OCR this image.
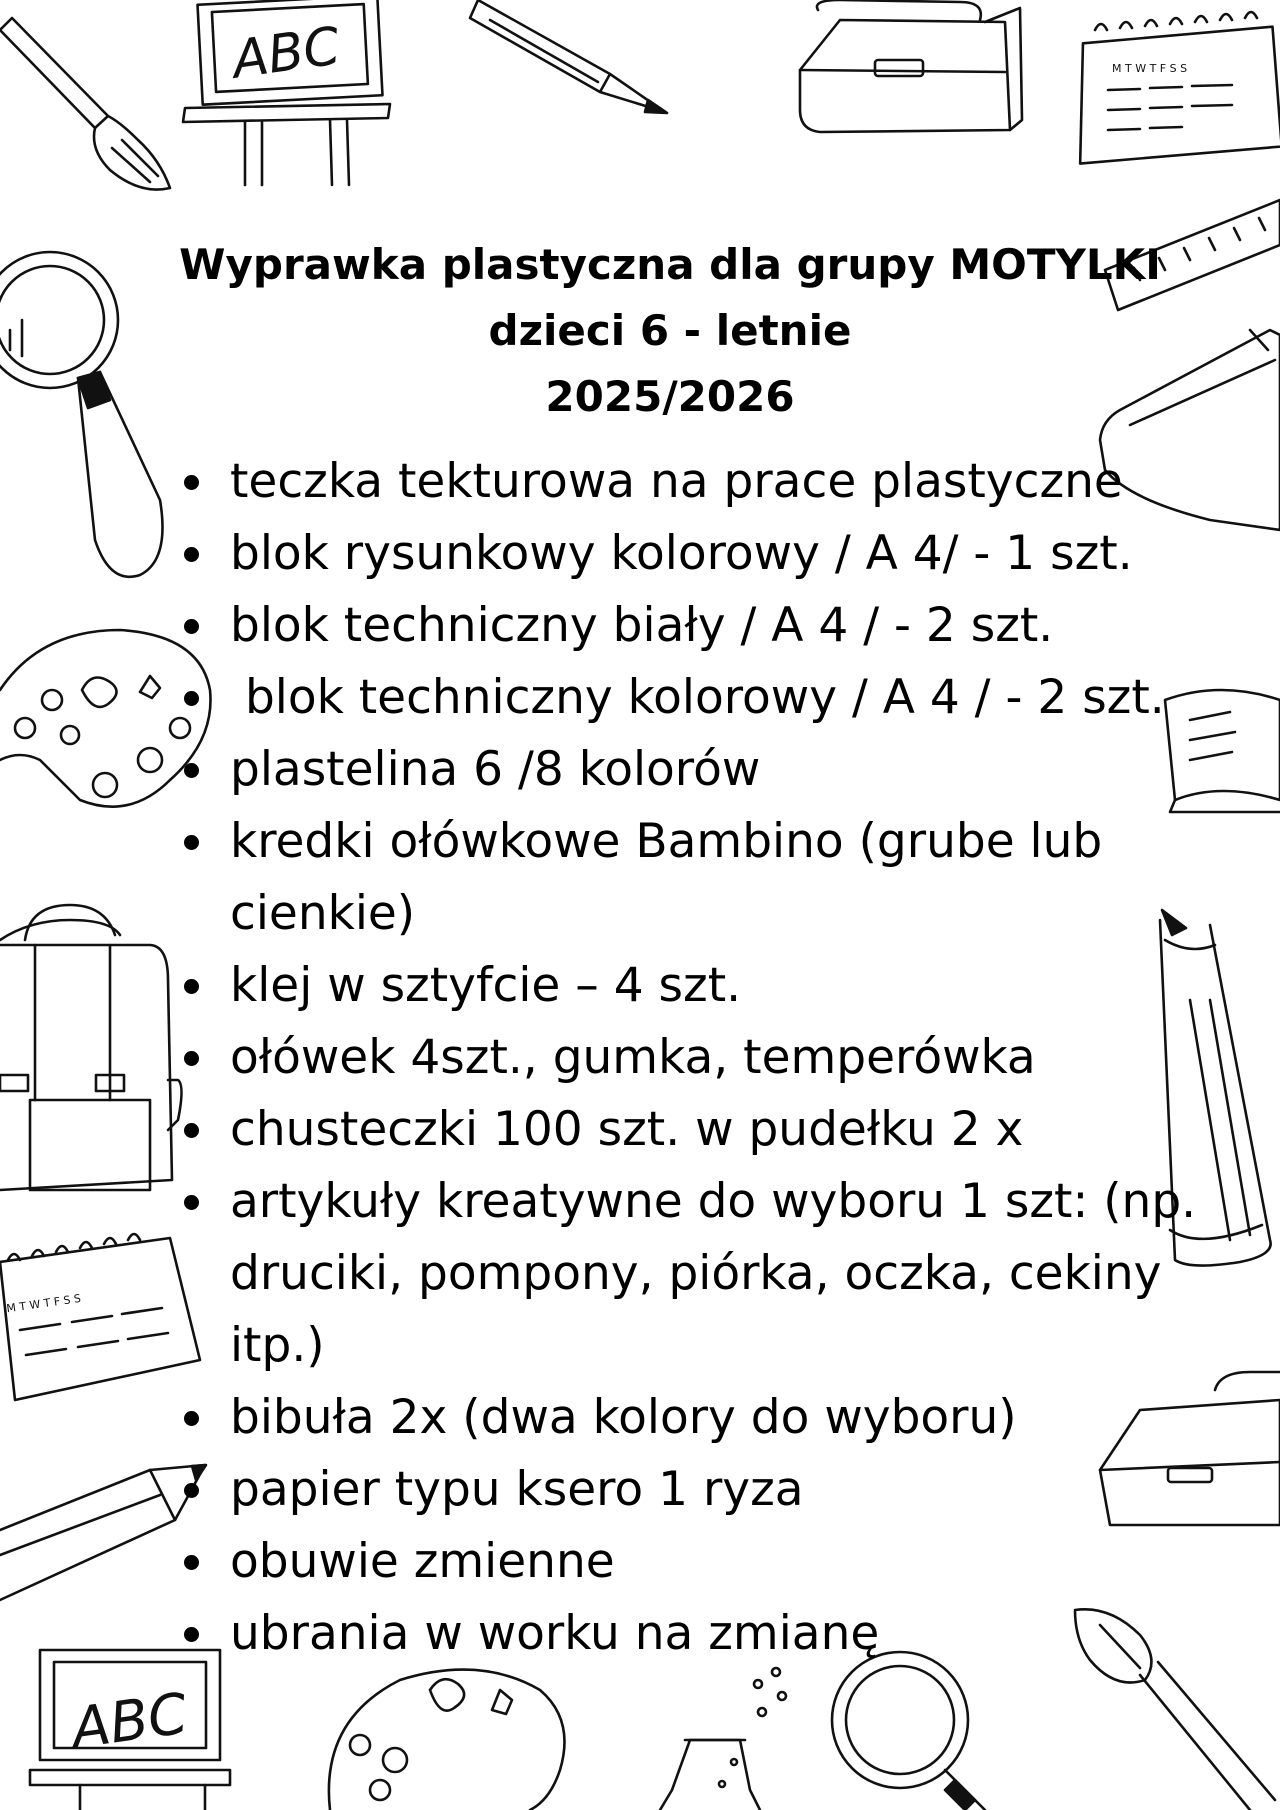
ABC	M T W T F S S
M T W T F S S
ABC
Wyprawka plastyczna dla grupy MOTYLKI
dzieci 6 - letnie
2025/2026
teczka tekturowa na prace plastyczne
blok rysunkowy kolorowy / A 4/ - 1 szt.
blok techniczny biały / A 4 / - 2 szt.
blok techniczny kolorowy / A 4 / - 2 szt.
plastelina 6 /8 kolorów
kredki ołówkowe Bambino (grube lub cienkie)
klej w sztyfcie – 4 szt.
ołówek 4szt., gumka, temperówka
chusteczki 100 szt. w pudełku 2 x
artykuły kreatywne do wyboru 1 szt: (np. druciki, pompony, piórka, oczka, cekiny itp.)
bibuła 2x (dwa kolory do wyboru)
papier typu ksero 1 ryza
obuwie zmienne
ubrania w worku na zmianę
